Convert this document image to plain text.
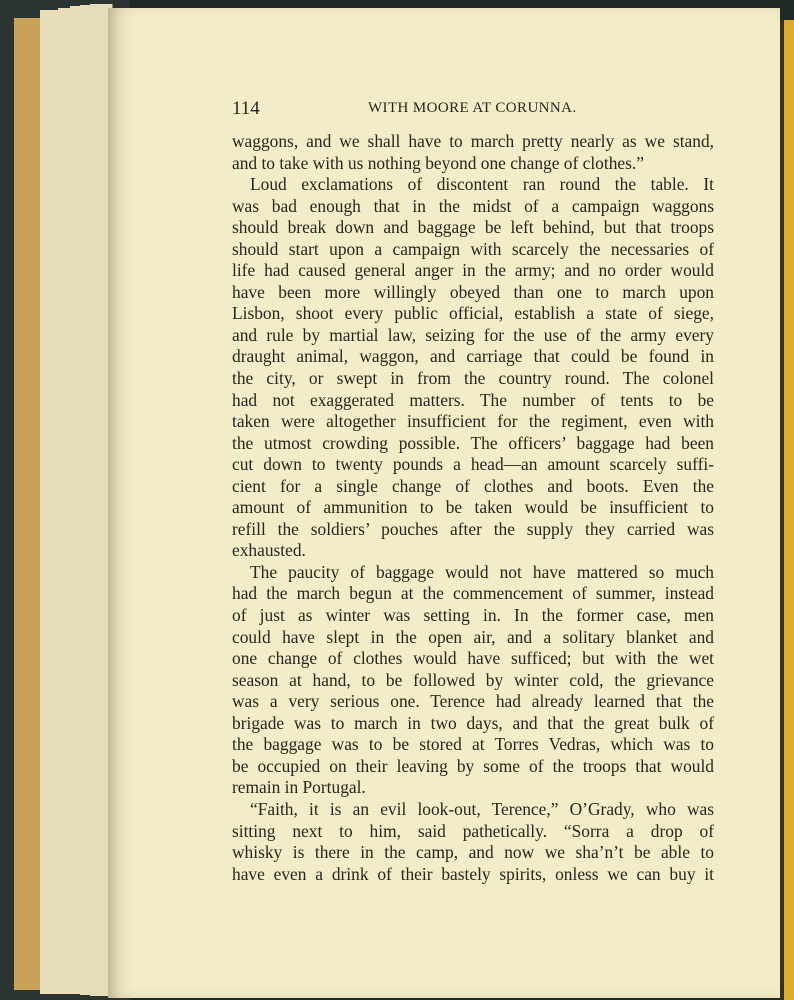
114	WITH MOORE AT CORUNNA.
waggons, and we shall have to march pretty nearly as we stand,
and to take with us nothing beyond one change of clothes.”
Loud exclamations of discontent ran round the table. It
was bad enough that in the midst of a campaign waggons
should break down and baggage be left behind, but that troops
should start upon a campaign with scarcely the necessaries of
life had caused general anger in the army; and no order would
have been more willingly obeyed than one to march upon
Lisbon, shoot every public official, establish a state of siege,
and rule by martial law, seizing for the use of the army every
draught animal, waggon, and carriage that could be found in
the city, or swept in from the country round. The colonel
had not exaggerated matters. The number of tents to be
taken were altogether insufficient for the regiment, even with
the utmost crowding possible. The officers’ baggage had been
cut down to twenty pounds a head—an amount scarcely suffi-
cient for a single change of clothes and boots. Even the
amount of ammunition to be taken would be insufficient to
refill the soldiers’ pouches after the supply they carried was
exhausted.
The paucity of baggage would not have mattered so much
had the march begun at the commencement of summer, instead
of just as winter was setting in. In the former case, men
could have slept in the open air, and a solitary blanket and
one change of clothes would have sufficed; but with the wet
season at hand, to be followed by winter cold, the grievance
was a very serious one. Terence had already learned that the
brigade was to march in two days, and that the great bulk of
the baggage was to be stored at Torres Vedras, which was to
be occupied on their leaving by some of the troops that would
remain in Portugal.
“Faith, it is an evil look-out, Terence,” O’Grady, who was
sitting next to him, said pathetically. “Sorra a drop of
whisky is there in the camp, and now we sha’n’t be able to
have even a drink of their bastely spirits, onless we can buy it
